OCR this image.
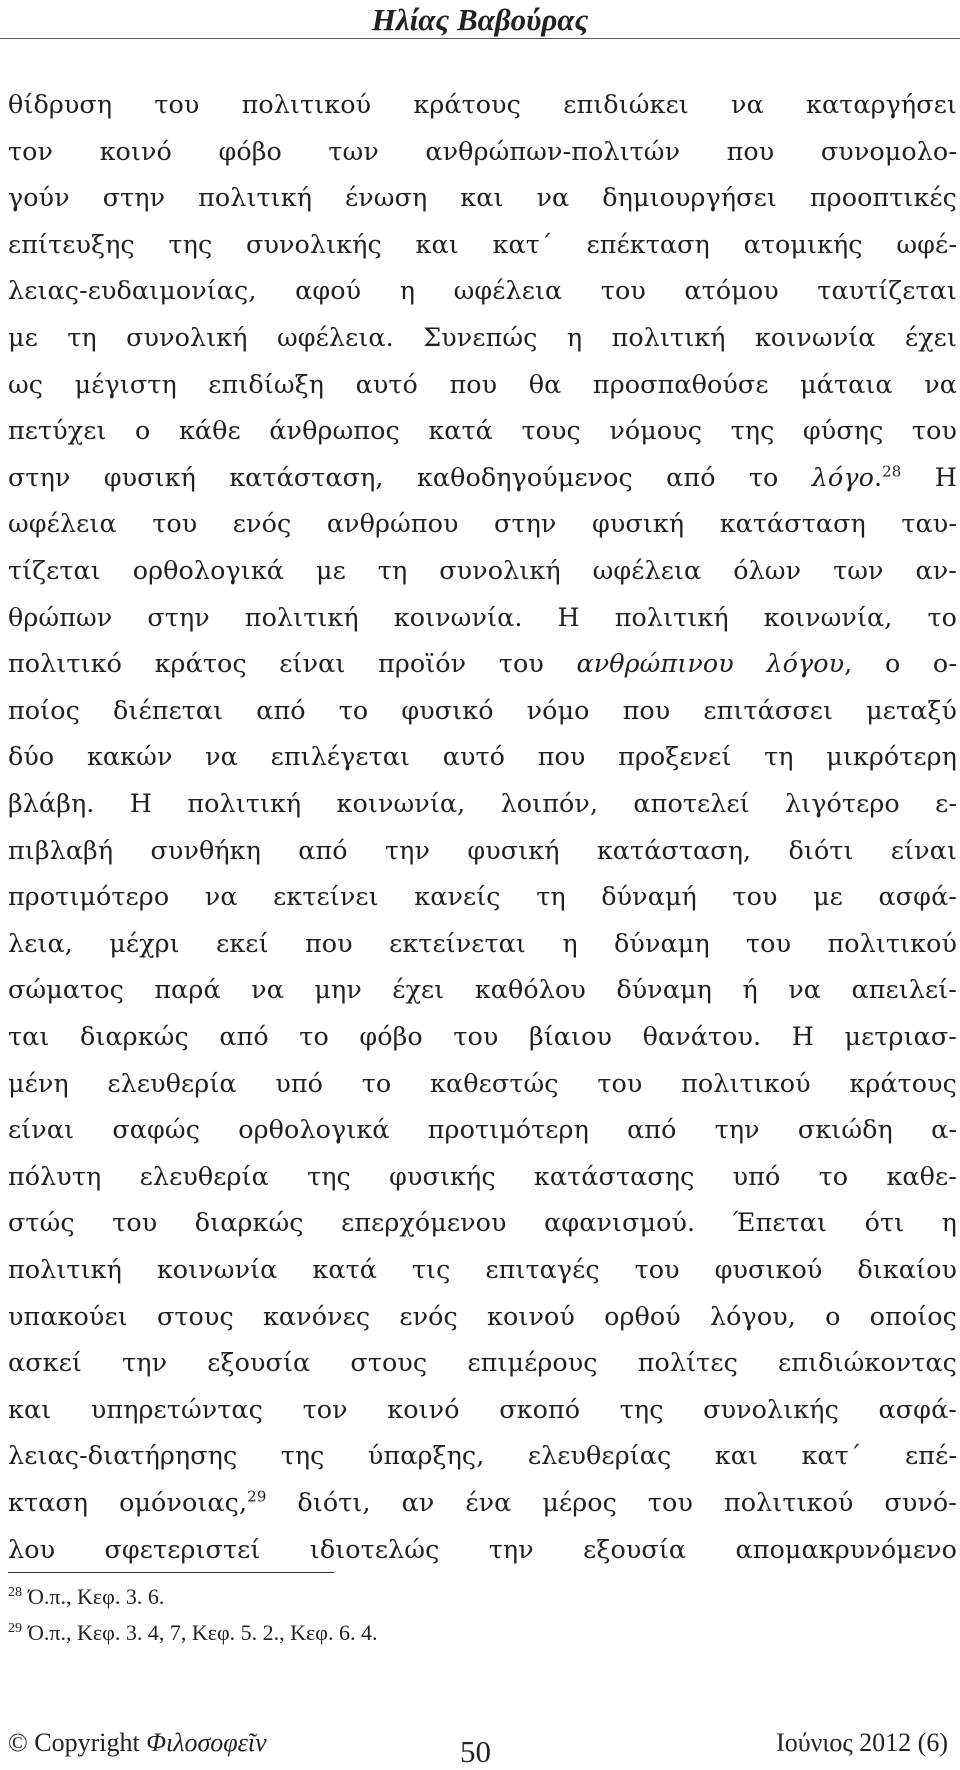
Ηλίας Βαβούρας
θίδρυση του πολιτικού κράτους επιδιώκει να καταργήσει
τον κοινό φόβο των ανθρώπων-πολιτών που συνομολο-
γούν στην πολιτική ένωση και να δημιουργήσει προοπτικές
επίτευξης της συνολικής και κατ΄ επέκταση ατομικής ωφέ-
λειας-ευδαιμονίας, αφού η ωφέλεια του ατόμου ταυτίζεται
με τη συνολική ωφέλεια. Συνεπώς η πολιτική κοινωνία έχει
ως μέγιστη επιδίωξη αυτό που θα προσπαθούσε μάταια να
πετύχει ο κάθε άνθρωπος κατά τους νόμους της φύσης του
στην φυσική κατάσταση, καθοδηγούμενος από το λόγο.$^{28}$ Η
ωφέλεια του ενός ανθρώπου στην φυσική κατάσταση ταυ-
τίζεται ορθολογικά με τη συνολική ωφέλεια όλων των αν-
θρώπων στην πολιτική κοινωνία. Η πολιτική κοινωνία, το
πολιτικό κράτος είναι προϊόν του ανθρώπινου λόγου, ο ο-
ποίος διέπεται από το φυσικό νόμο που επιτάσσει μεταξύ
δύο κακών να επιλέγεται αυτό που προξενεί τη μικρότερη
βλάβη. Η πολιτική κοινωνία, λοιπόν, αποτελεί λιγότερο ε-
πιβλαβή συνθήκη από την φυσική κατάσταση, διότι είναι
προτιμότερο να εκτείνει κανείς τη δύναμή του με ασφά-
λεια, μέχρι εκεί που εκτείνεται η δύναμη του πολιτικού
σώματος παρά να μην έχει καθόλου δύναμη ή να απειλεί-
ται διαρκώς από το φόβο του βίαιου θανάτου. Η μετριασ-
μένη ελευθερία υπό το καθεστώς του πολιτικού κράτους
είναι σαφώς ορθολογικά προτιμότερη από την σκιώδη α-
πόλυτη ελευθερία της φυσικής κατάστασης υπό το καθε-
στώς του διαρκώς επερχόμενου αφανισμού. Έπεται ότι η
πολιτική κοινωνία κατά τις επιταγές του φυσικού δικαίου
υπακούει στους κανόνες ενός κοινού ορθού λόγου, ο οποίος
ασκεί την εξουσία στους επιμέρους πολίτες επιδιώκοντας
και υπηρετώντας τον κοινό σκοπό της συνολικής ασφά-
λειας-διατήρησης της ύπαρξης, ελευθερίας και κατ΄ επέ-
κταση ομόνοιας,$^{29}$ διότι, αν ένα μέρος του πολιτικού συνό-
λου σφετεριστεί ιδιοτελώς την εξουσία απομακρυνόμενο
$^{28}$ Ό.π., Κεφ. 3. 6.
$^{29}$ Ό.π., Κεφ. 3. 4, 7, Κεφ. 5. 2., Κεφ. 6. 4.
© Copyright Φιλοσοφεῖν	50	Ιούνιος 2012 (6)
